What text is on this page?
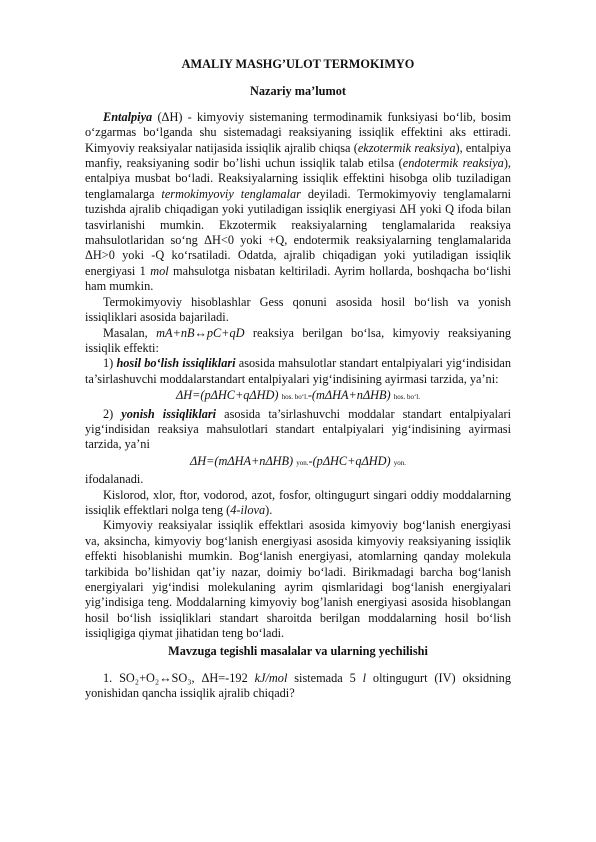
AMALIY MASHG’ULOT TERMOKIMYO
Nazariy ma’lumot

Entalpiya (ΔH) - kimyoviy sistemaning termodinamik funksiyasi bo‘lib, bosim o‘zgarmas bo‘lganda shu sistemadagi reaksiyaning issiqlik effektini aks ettiradi. Kimyoviy reaksiyalar natijasida issiqlik ajralib chiqsa (ekzotermik reaksiya), entalpiya manfiy, reaksiyaning sodir bo’lishi uchun issiqlik talab etilsa (endotermik reaksiya), entalpiya musbat bo‘ladi. Reaksiyalarning issiqlik effektini hisobga olib tuziladigan tenglamalarga termokimyoviy tenglamalar deyiladi. Termokimyoviy tenglamalarni tuzishda ajralib chiqadigan yoki yutiladigan issiqlik energiyasi ΔH yoki Q ifoda bilan tasvirlanishi mumkin. Ekzotermik reaksiyalarning tenglamalarida reaksiya mahsulotlaridan so‘ng ΔH<0 yoki +Q, endotermik reaksiyalarning tenglamalarida ΔH>0 yoki -Q ko‘rsatiladi. Odatda, ajralib chiqadigan yoki yutiladigan issiqlik energiyasi 1 mol mahsulotga nisbatan keltiriladi. Ayrim hollarda, boshqacha bo‘lishi ham mumkin.

Termokimyoviy hisoblashlar Gess qonuni asosida hosil bo‘lish va yonish issiqliklari asosida bajariladi.

Masalan, mA+nB↔pC+qD reaksiya berilgan bo‘lsa, kimyoviy reaksiyaning issiqlik effekti:

1) hosil bo‘lish issiqliklari asosida mahsulotlar standart entalpiyalari yig‘indisidan ta’sirlashuvchi moddalarstandart entalpiyalari yig‘indisining ayirmasi tarzida, ya’ni:

ΔH=(pΔHC+qΔHD) hos. bo‘l.-(mΔHA+nΔHB) hos. bo‘l.

2) yonish issiqliklari asosida ta’sirlashuvchi moddalar standart entalpiyalari yig‘indisidan reaksiya mahsulotlari standart entalpiyalari yig‘indisining ayirmasi tarzida, ya’ni

ΔH=(mΔHA+nΔHB) yon.-(pΔHC+qΔHD) yon.

ifodalanadi.

Kislorod, xlor, ftor, vodorod, azot, fosfor, oltingugurt singari oddiy moddalarning issiqlik effektlari nolga teng (4-ilova).

Kimyoviy reaksiyalar issiqlik effektlari asosida kimyoviy bog‘lanish energiyasi va, aksincha, kimyoviy bog‘lanish energiyasi asosida kimyoviy reaksiyaning issiqlik effekti hisoblanishi mumkin. Bog‘lanish energiyasi, atomlarning qanday molekula tarkibida bo’lishidan qat’iy nazar, doimiy bo‘ladi. Birikmadagi barcha bog‘lanish energiyalari yig‘indisi molekulaning ayrim qismlaridagi bog‘lanish energiyalari yig’indisiga teng. Moddalarning kimyoviy bog’lanish energiyasi asosida hisoblangan hosil bo‘lish issiqliklari standart sharoitda berilgan moddalarning hosil bo‘lish issiqligiga qiymat jihatidan teng bo‘ladi.

Mavzuga tegishli masalalar va ularning yechilishi

1. SO₂+O₂↔SO₃, ΔH=-192 kJ/mol sistemada 5 l oltingugurt (IV) oksidning yonishidan qancha issiqlik ajralib chiqadi?
